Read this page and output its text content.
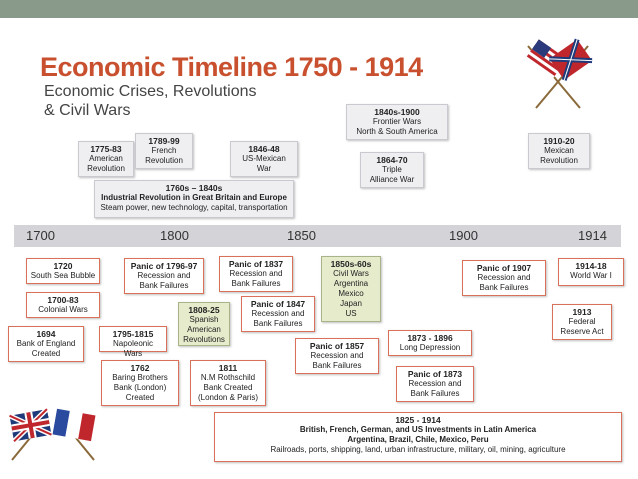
Economic Timeline 1750 - 1914
Economic Crises, Revolutions & Civil Wars
1775-83
American
Revolution
1789-99
French
Revolution
1846-48
US-Mexican
War
1840s-1900
Frontier Wars
North & South America
1864-70
Triple
Alliance War
1910-20
Mexican
Revolution
1760s – 1840s
Industrial Revolution in Great Britain and Europe
Steam power, new technology, capital, transportation
1700	1800	1850	1900	1914
1720
South Sea Bubble
1700-83
Colonial Wars
1694
Bank of England
Created
1795-1815
Napoleonic Wars
Panic of 1796-97
Recession and
Bank Failures
1762
Baring Brothers
Bank (London)
Created
1808-25
Spanish
American
Revolutions
1811
N.M Rothschild
Bank Created
(London & Paris)
Panic of 1837
Recession and
Bank Failures
Panic of 1847
Recession and
Bank Failures
1850s-60s
Civil Wars
Argentina
Mexico
Japan
US
Panic of 1857
Recession and
Bank Failures
1873 - 1896
Long Depression
Panic of 1873
Recession and
Bank Failures
Panic of 1907
Recession and
Bank Failures
1914-18
World War I
1913
Federal
Reserve Act
1825 - 1914
British, French, German, and US Investments in Latin America
Argentina, Brazil, Chile, Mexico, Peru
Railroads, ports, shipping, land, urban infrastructure, military, oil, mining, agriculture
